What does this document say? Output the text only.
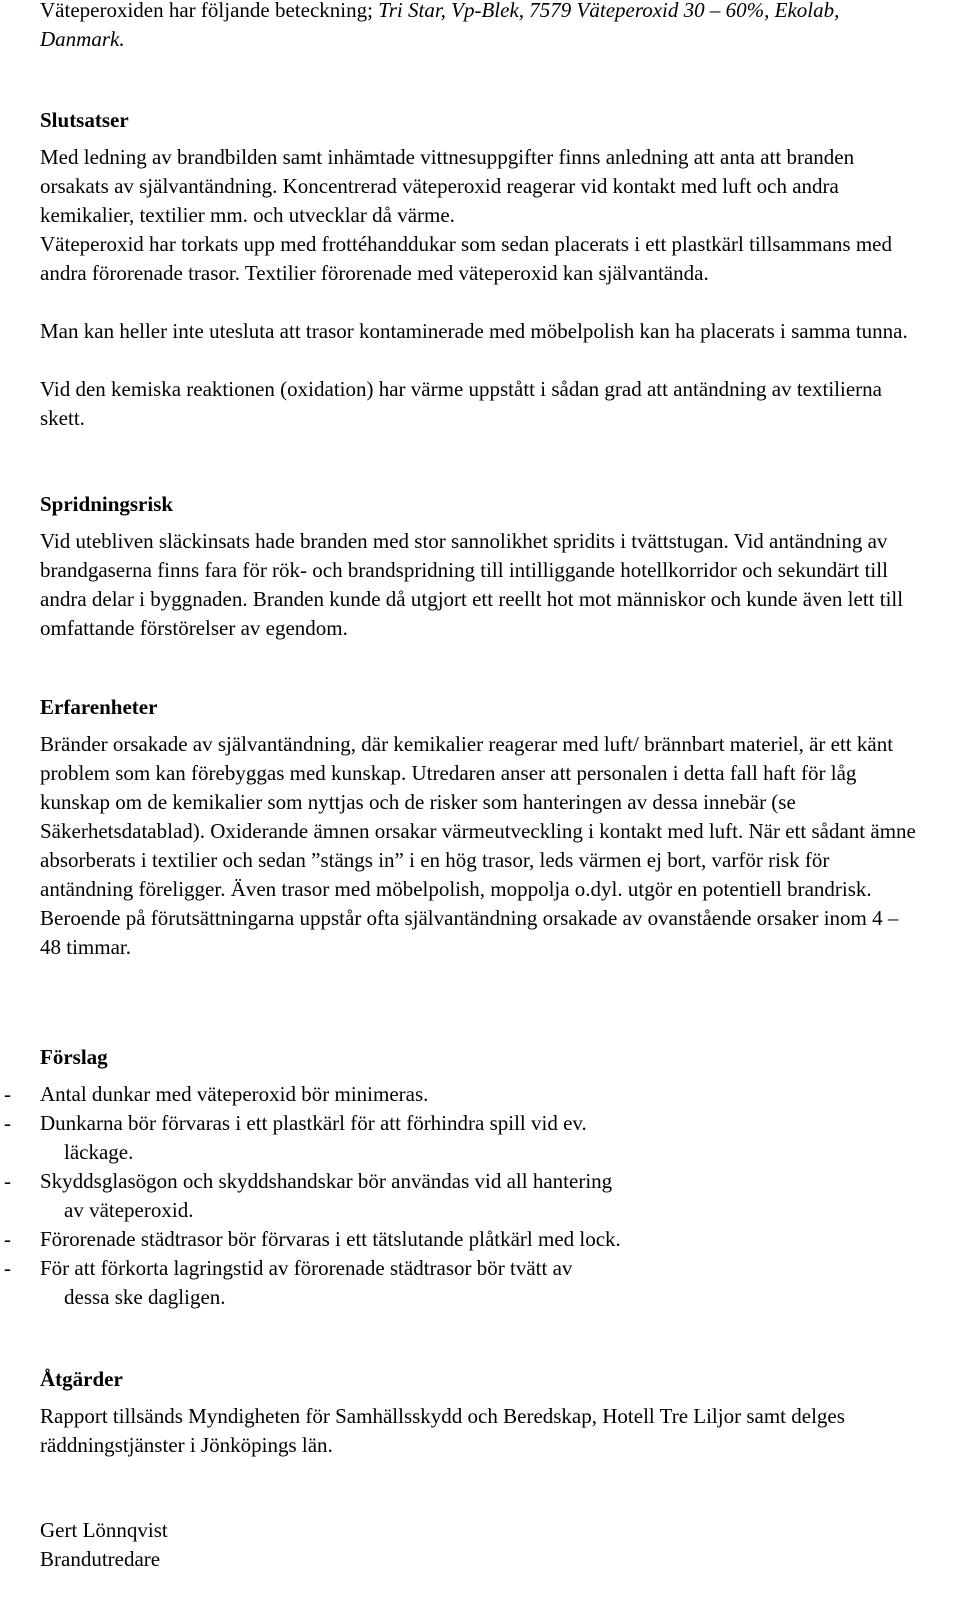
Väteperoxiden har följande beteckning; Tri Star, Vp-Blek, 7579 Väteperoxid 30 – 60%, Ekolab, Danmark.

Slutsatser

Med ledning av brandbilden samt inhämtade vittnesuppgifter finns anledning att anta att branden orsakats av självantändning. Koncentrerad väteperoxid reagerar vid kontakt med luft och andra kemikalier, textilier mm. och utvecklar då värme.

Väteperoxid har torkats upp med frottéhanddukar som sedan placerats i ett plastkärl tillsammans med andra förorenade trasor. Textilier förorenade med väteperoxid kan självantända.

Man kan heller inte utesluta att trasor kontaminerade med möbelpolish kan ha placerats i samma tunna.

Vid den kemiska reaktionen (oxidation) har värme uppstått i sådan grad att antändning av textilierna skett.

Spridningsrisk

Vid utebliven släckinsats hade branden med stor sannolikhet spridits i tvättstugan. Vid antändning av brandgaserna finns fara för rök- och brandspridning till intilliggande hotellkorridor och sekundärt till andra delar i byggnaden. Branden kunde då utgjort ett reellt hot mot människor och kunde även lett till omfattande förstörelser av egendom.

Erfarenheter

Bränder orsakade av självantändning, där kemikalier reagerar med luft/ brännbart materiel, är ett känt problem som kan förebyggas med kunskap. Utredaren anser att personalen i detta fall haft för låg kunskap om de kemikalier som nyttjas och de risker som hanteringen av dessa innebär (se Säkerhetsdatablad). Oxiderande ämnen orsakar värmeutveckling i kontakt med luft. När ett sådant ämne absorberats i textilier och sedan ”stängs in” i en hög trasor, leds värmen ej bort, varför risk för antändning föreligger. Även trasor med möbelpolish, moppolja o.dyl. utgör en potentiell brandrisk. Beroende på förutsättningarna uppstår ofta självantändning orsakade av ovanstående orsaker inom 4 – 48 timmar.

Förslag
- Antal dunkar med väteperoxid bör minimeras.
- Dunkarna bör förvaras i ett plastkärl för att förhindra spill vid ev.
läckage.
- Skyddsglasögon och skyddshandskar bör användas vid all hantering
av väteperoxid.
- Förorenade städtrasor bör förvaras i ett tätslutande plåtkärl med lock.
- För att förkorta lagringstid av förorenade städtrasor bör tvätt av
dessa ske dagligen.
Åtgärder

Rapport tillsänds Myndigheten för Samhällsskydd och Beredskap, Hotell Tre Liljor samt delges räddningstjänster i Jönköpings län.

Gert Lönnqvist
Brandutredare
